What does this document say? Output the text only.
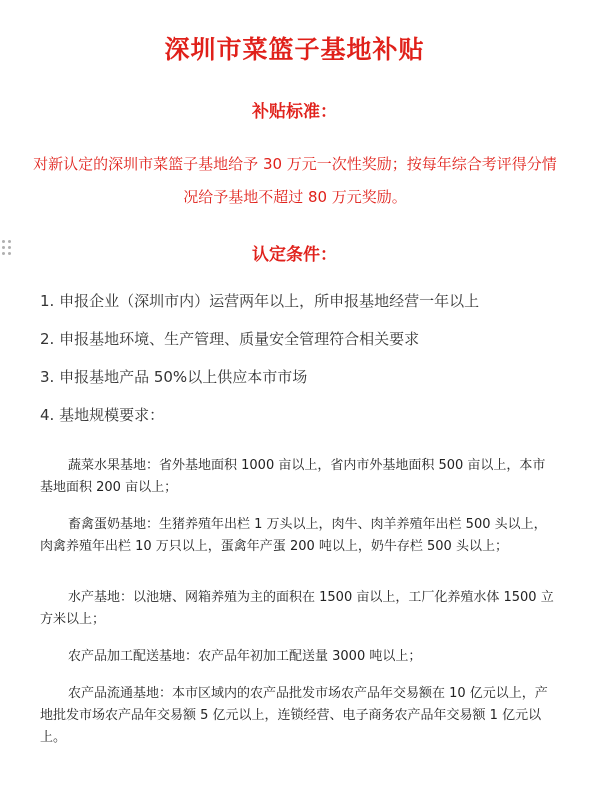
深圳市菜篮子基地补贴
补贴标准：

对新认定的深圳市菜篮子基地给予 30 万元一次性奖励；按每年综合考评得分情况给予基地不超过 80 万元奖励。

认定条件：
1. 申报企业（深圳市内）运营两年以上，所申报基地经营一年以上
2. 申报基地环境、生产管理、质量安全管理符合相关要求
3. 申报基地产品 50%以上供应本市市场
4. 基地规模要求：

蔬菜水果基地：省外基地面积 1000 亩以上，省内市外基地面积 500 亩以上，本市基地面积 200 亩以上；

畜禽蛋奶基地：生猪养殖年出栏 1 万头以上，肉牛、肉羊养殖年出栏 500 头以上，肉禽养殖年出栏 10 万只以上，蛋禽年产蛋 200 吨以上，奶牛存栏 500 头以上；

水产基地：以池塘、网箱养殖为主的面积在 1500 亩以上，工厂化养殖水体 1500 立方米以上；

农产品加工配送基地：农产品年初加工配送量 3000 吨以上；

农产品流通基地：本市区域内的农产品批发市场农产品年交易额在 10 亿元以上，产地批发市场农产品年交易额 5 亿元以上，连锁经营、电子商务农产品年交易额 1 亿元以上。
